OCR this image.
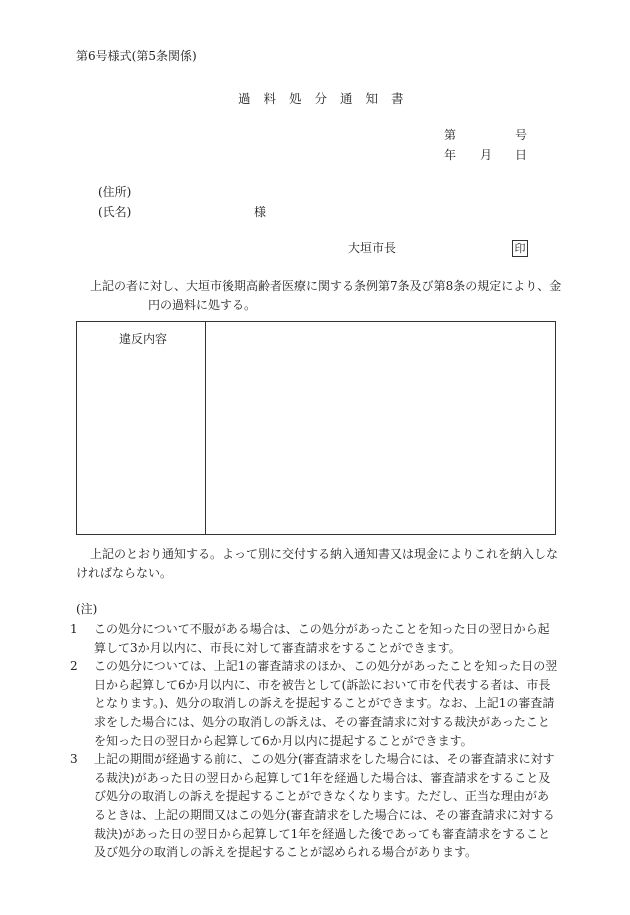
第6号様式(第5条関係)
過料処分通知書
第	号
年 月 日
(住所)
(氏名)	様
大垣市長	印
上記の者に対し、大垣市後期高齢者医療に関する条例第7条及び第8条の規定により、金
円の過料に処する。
違反内容
上記のとおり通知する。よって別に交付する納入通知書又は現金によりこれを納入しな
ければならない。
(注)

1 この処分について不服がある場合は、この処分があったことを知った日の翌日から起算して3か月以内に、市長に対して審査請求をすることができます。

2 この処分については、上記1の審査請求のほか、この処分があったことを知った日の翌日から起算して6か月以内に、市を被告として(訴訟において市を代表する者は、市長となります。)、処分の取消しの訴えを提起することができます。なお、上記1の審査請求をした場合には、処分の取消しの訴えは、その審査請求に対する裁決があったことを知った日の翌日から起算して6か月以内に提起することができます。

3 上記の期間が経過する前に、この処分(審査請求をした場合には、その審査請求に対する裁決)があった日の翌日から起算して1年を経過した場合は、審査請求をすること及び処分の取消しの訴えを提起することができなくなります。ただし、正当な理由があるときは、上記の期間又はこの処分(審査請求をした場合には、その審査請求に対する裁決)があった日の翌日から起算して1年を経過した後であっても審査請求をすること及び処分の取消しの訴えを提起することが認められる場合があります。
